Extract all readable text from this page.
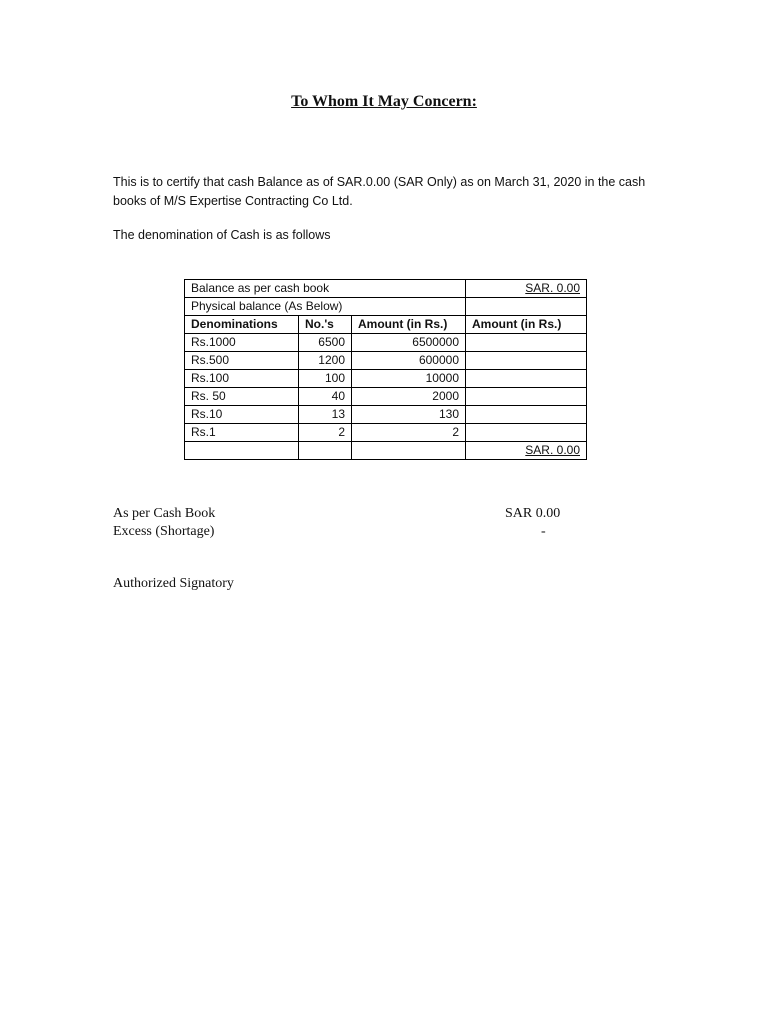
To Whom It May Concern:
This is to certify that cash Balance as of SAR.0.00 (SAR Only) as on March 31, 2020 in the cash books of M/S Expertise Contracting Co Ltd.
The denomination of Cash is as follows
Balance as per cash book			SAR. 0.00
Physical balance (As Below)			
Denominations	No.'s	Amount (in Rs.)	Amount (in Rs.)
Rs.1000	6500	6500000	
Rs.500	1200	600000	
Rs.100	100	10000	
Rs. 50	40	2000	
Rs.10	13	130	
Rs.1	2	2	
			SAR. 0.00
As per Cash Book	SAR 0.00
Excess (Shortage)	-
Authorized Signatory
